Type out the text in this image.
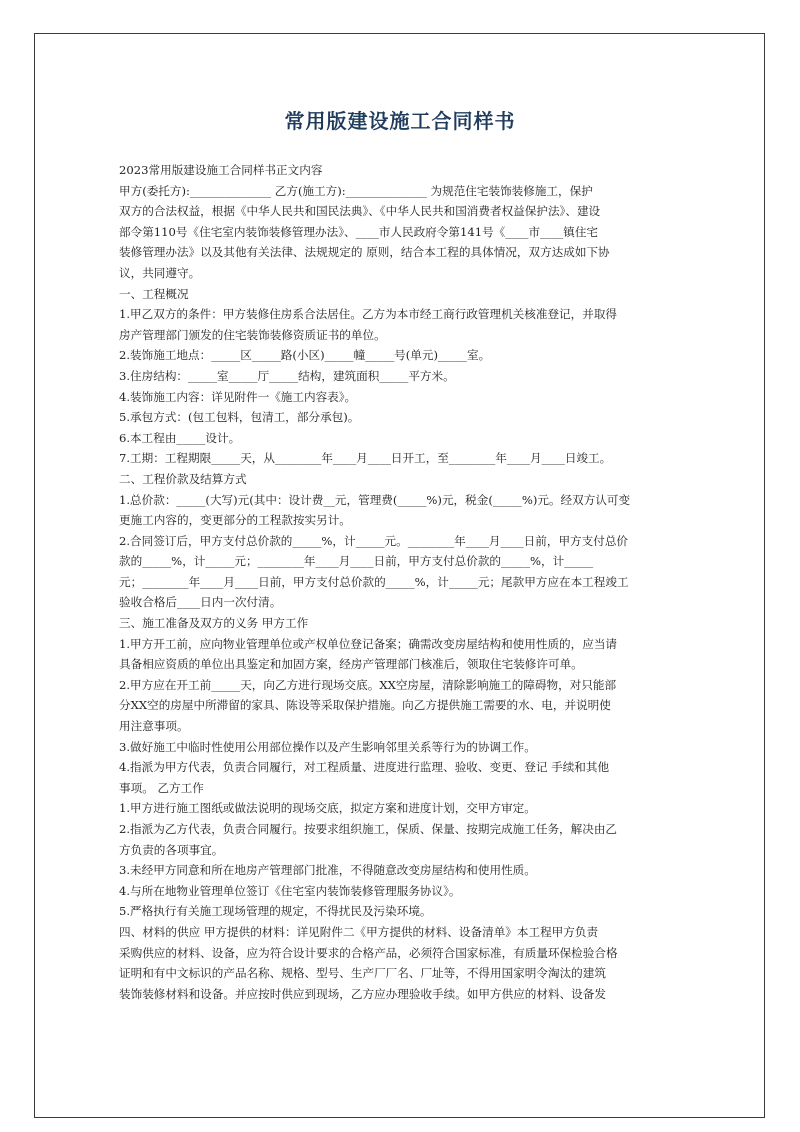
常用版建设施工合同样书

2023常用版建设施工合同样书正文内容

甲方(委托方):______________ 乙方(施工方):______________ 为规范住宅装饰装修施工，保护

双方的合法权益，根据《中华人民共和国民法典》、《中华人民共和国消费者权益保护法》、建设

部令第110号《住宅室内装饰装修管理办法》、____市人民政府令第141号《____市____镇住宅

装修管理办法》以及其他有关法律、法规规定的 原则，结合本工程的具体情况，双方达成如下协

议，共同遵守。

一、工程概况

1.甲乙双方的条件：甲方装修住房系合法居住。乙方为本市经工商行政管理机关核准登记，并取得

房产管理部门颁发的住宅装饰装修资质证书的单位。

2.装饰施工地点：_____区_____路(小区)_____幢_____号(单元)_____室。

3.住房结构：_____室_____厅_____结构，建筑面积_____平方米。

4.装饰施工内容：详见附件一《施工内容表》。

5.承包方式：(包工包料，包清工，部分承包)。

6.本工程由_____设计。

7.工期：工程期限_____天，从________年____月____日开工，至________年____月____日竣工。

二、工程价款及结算方式

1.总价款：_____(大写)元(其中：设计费__元，管理费(_____%)元，税金(_____%)元。经双方认可变

更施工内容的，变更部分的工程款按实另计。

2.合同签订后，甲方支付总价款的_____%，计_____元。________年____月____日前，甲方支付总价

款的_____%，计_____元；________年____月____日前，甲方支付总价款的_____%，计_____

元；________年____月____日前，甲方支付总价款的_____%，计_____元；尾款甲方应在本工程竣工

验收合格后____日内一次付清。

三、施工准备及双方的义务 甲方工作

1.甲方开工前，应向物业管理单位或产权单位登记备案；确需改变房屋结构和使用性质的，应当请

具备相应资质的单位出具鉴定和加固方案，经房产管理部门核准后，领取住宅装修许可单。

2.甲方应在开工前_____天，向乙方进行现场交底。XX空房屋，清除影响施工的障碍物，对只能部

分XX空的房屋中所滞留的家具、陈设等采取保护措施。向乙方提供施工需要的水、电，并说明使

用注意事项。

3.做好施工中临时性使用公用部位操作以及产生影响邻里关系等行为的协调工作。

4.指派为甲方代表，负责合同履行，对工程质量、进度进行监理、验收、变更、登记 手续和其他

事项。 乙方工作

1.甲方进行施工图纸或做法说明的现场交底，拟定方案和进度计划，交甲方审定。

2.指派为乙方代表，负责合同履行。按要求组织施工，保质、保量、按期完成施工任务，解决由乙

方负责的各项事宜。

3.未经甲方同意和所在地房产管理部门批准，不得随意改变房屋结构和使用性质。

4.与所在地物业管理单位签订《住宅室内装饰装修管理服务协议》。

5.严格执行有关施工现场管理的规定，不得扰民及污染环境。

四、材料的供应 甲方提供的材料：详见附件二《甲方提供的材料、设备清单》本工程甲方负责

采购供应的材料、设备，应为符合设计要求的合格产品，必须符合国家标准，有质量环保检验合格

证明和有中文标识的产品名称、规格、型号、生产厂厂名、厂址等，不得用国家明令淘汰的建筑

装饰装修材料和设备。并应按时供应到现场，乙方应办理验收手续。如甲方供应的材料、设备发
